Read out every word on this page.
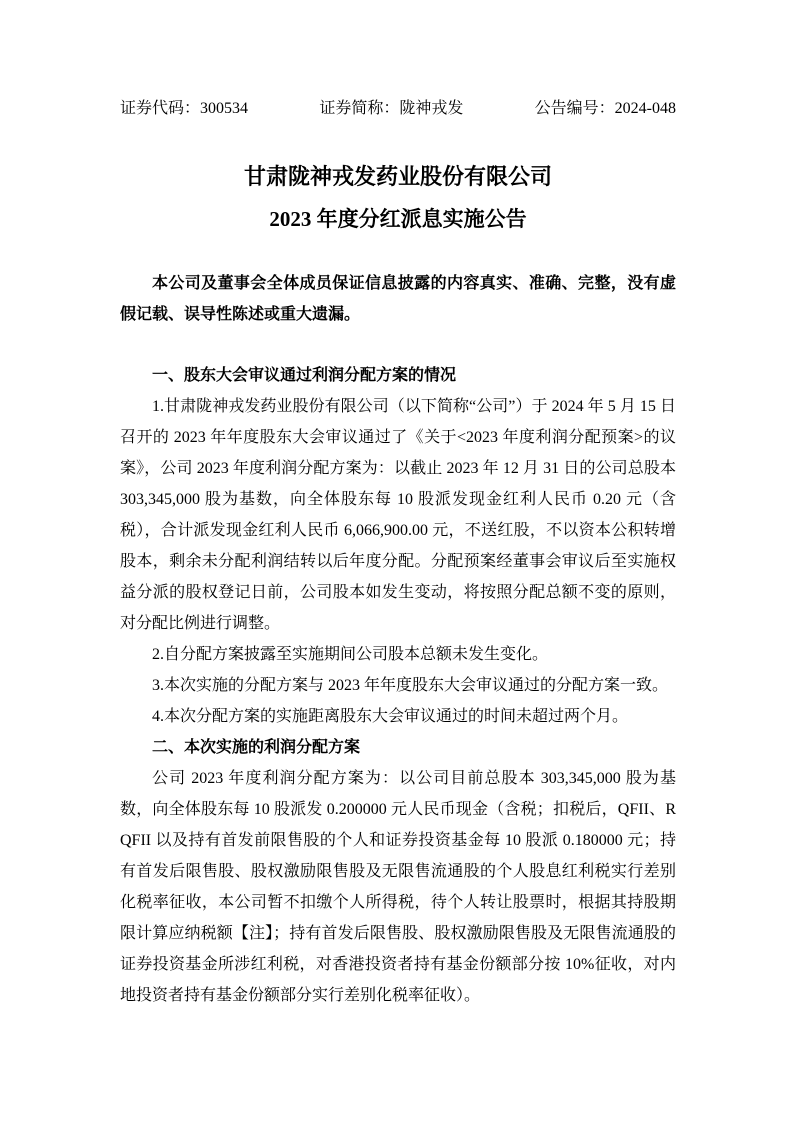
证券代码：300534	证券简称：陇神戎发	公告编号：2024-048
甘肃陇神戎发药业股份有限公司
2023 年度分红派息实施公告

本公司及董事会全体成员保证信息披露的内容真实、准确、完整，没有虚假记载、误导性陈述或重大遗漏。

一、股东大会审议通过利润分配方案的情况

1.甘肃陇神戎发药业股份有限公司（以下简称“公司”）于 2024 年 5 月 15 日召开的 2023 年年度股东大会审议通过了《关于<2023 年度利润分配预案>的议案》，公司 2023 年度利润分配方案为：以截止 2023 年 12 月 31 日的公司总股本 303,345,000 股为基数，向全体股东每 10 股派发现金红利人民币 0.20 元（含税），合计派发现金红利人民币 6,066,900.00 元，不送红股，不以资本公积转增股本，剩余未分配利润结转以后年度分配。分配预案经董事会审议后至实施权益分派的股权登记日前，公司股本如发生变动，将按照分配总额不变的原则，对分配比例进行调整。

2.自分配方案披露至实施期间公司股本总额未发生变化。

3.本次实施的分配方案与 2023 年年度股东大会审议通过的分配方案一致。

4.本次分配方案的实施距离股东大会审议通过的时间未超过两个月。

二、本次实施的利润分配方案

公司 2023 年度利润分配方案为：以公司目前总股本 303,345,000 股为基数，向全体股东每 10 股派发 0.200000 元人民币现金（含税；扣税后，QFII、RQFII 以及持有首发前限售股的个人和证券投资基金每 10 股派 0.180000 元；持有首发后限售股、股权激励限售股及无限售流通股的个人股息红利税实行差别化税率征收，本公司暂不扣缴个人所得税，待个人转让股票时，根据其持股期限计算应纳税额【注】；持有首发后限售股、股权激励限售股及无限售流通股的证券投资基金所涉红利税，对香港投资者持有基金份额部分按 10%征收，对内地投资者持有基金份额部分实行差别化税率征收）。
